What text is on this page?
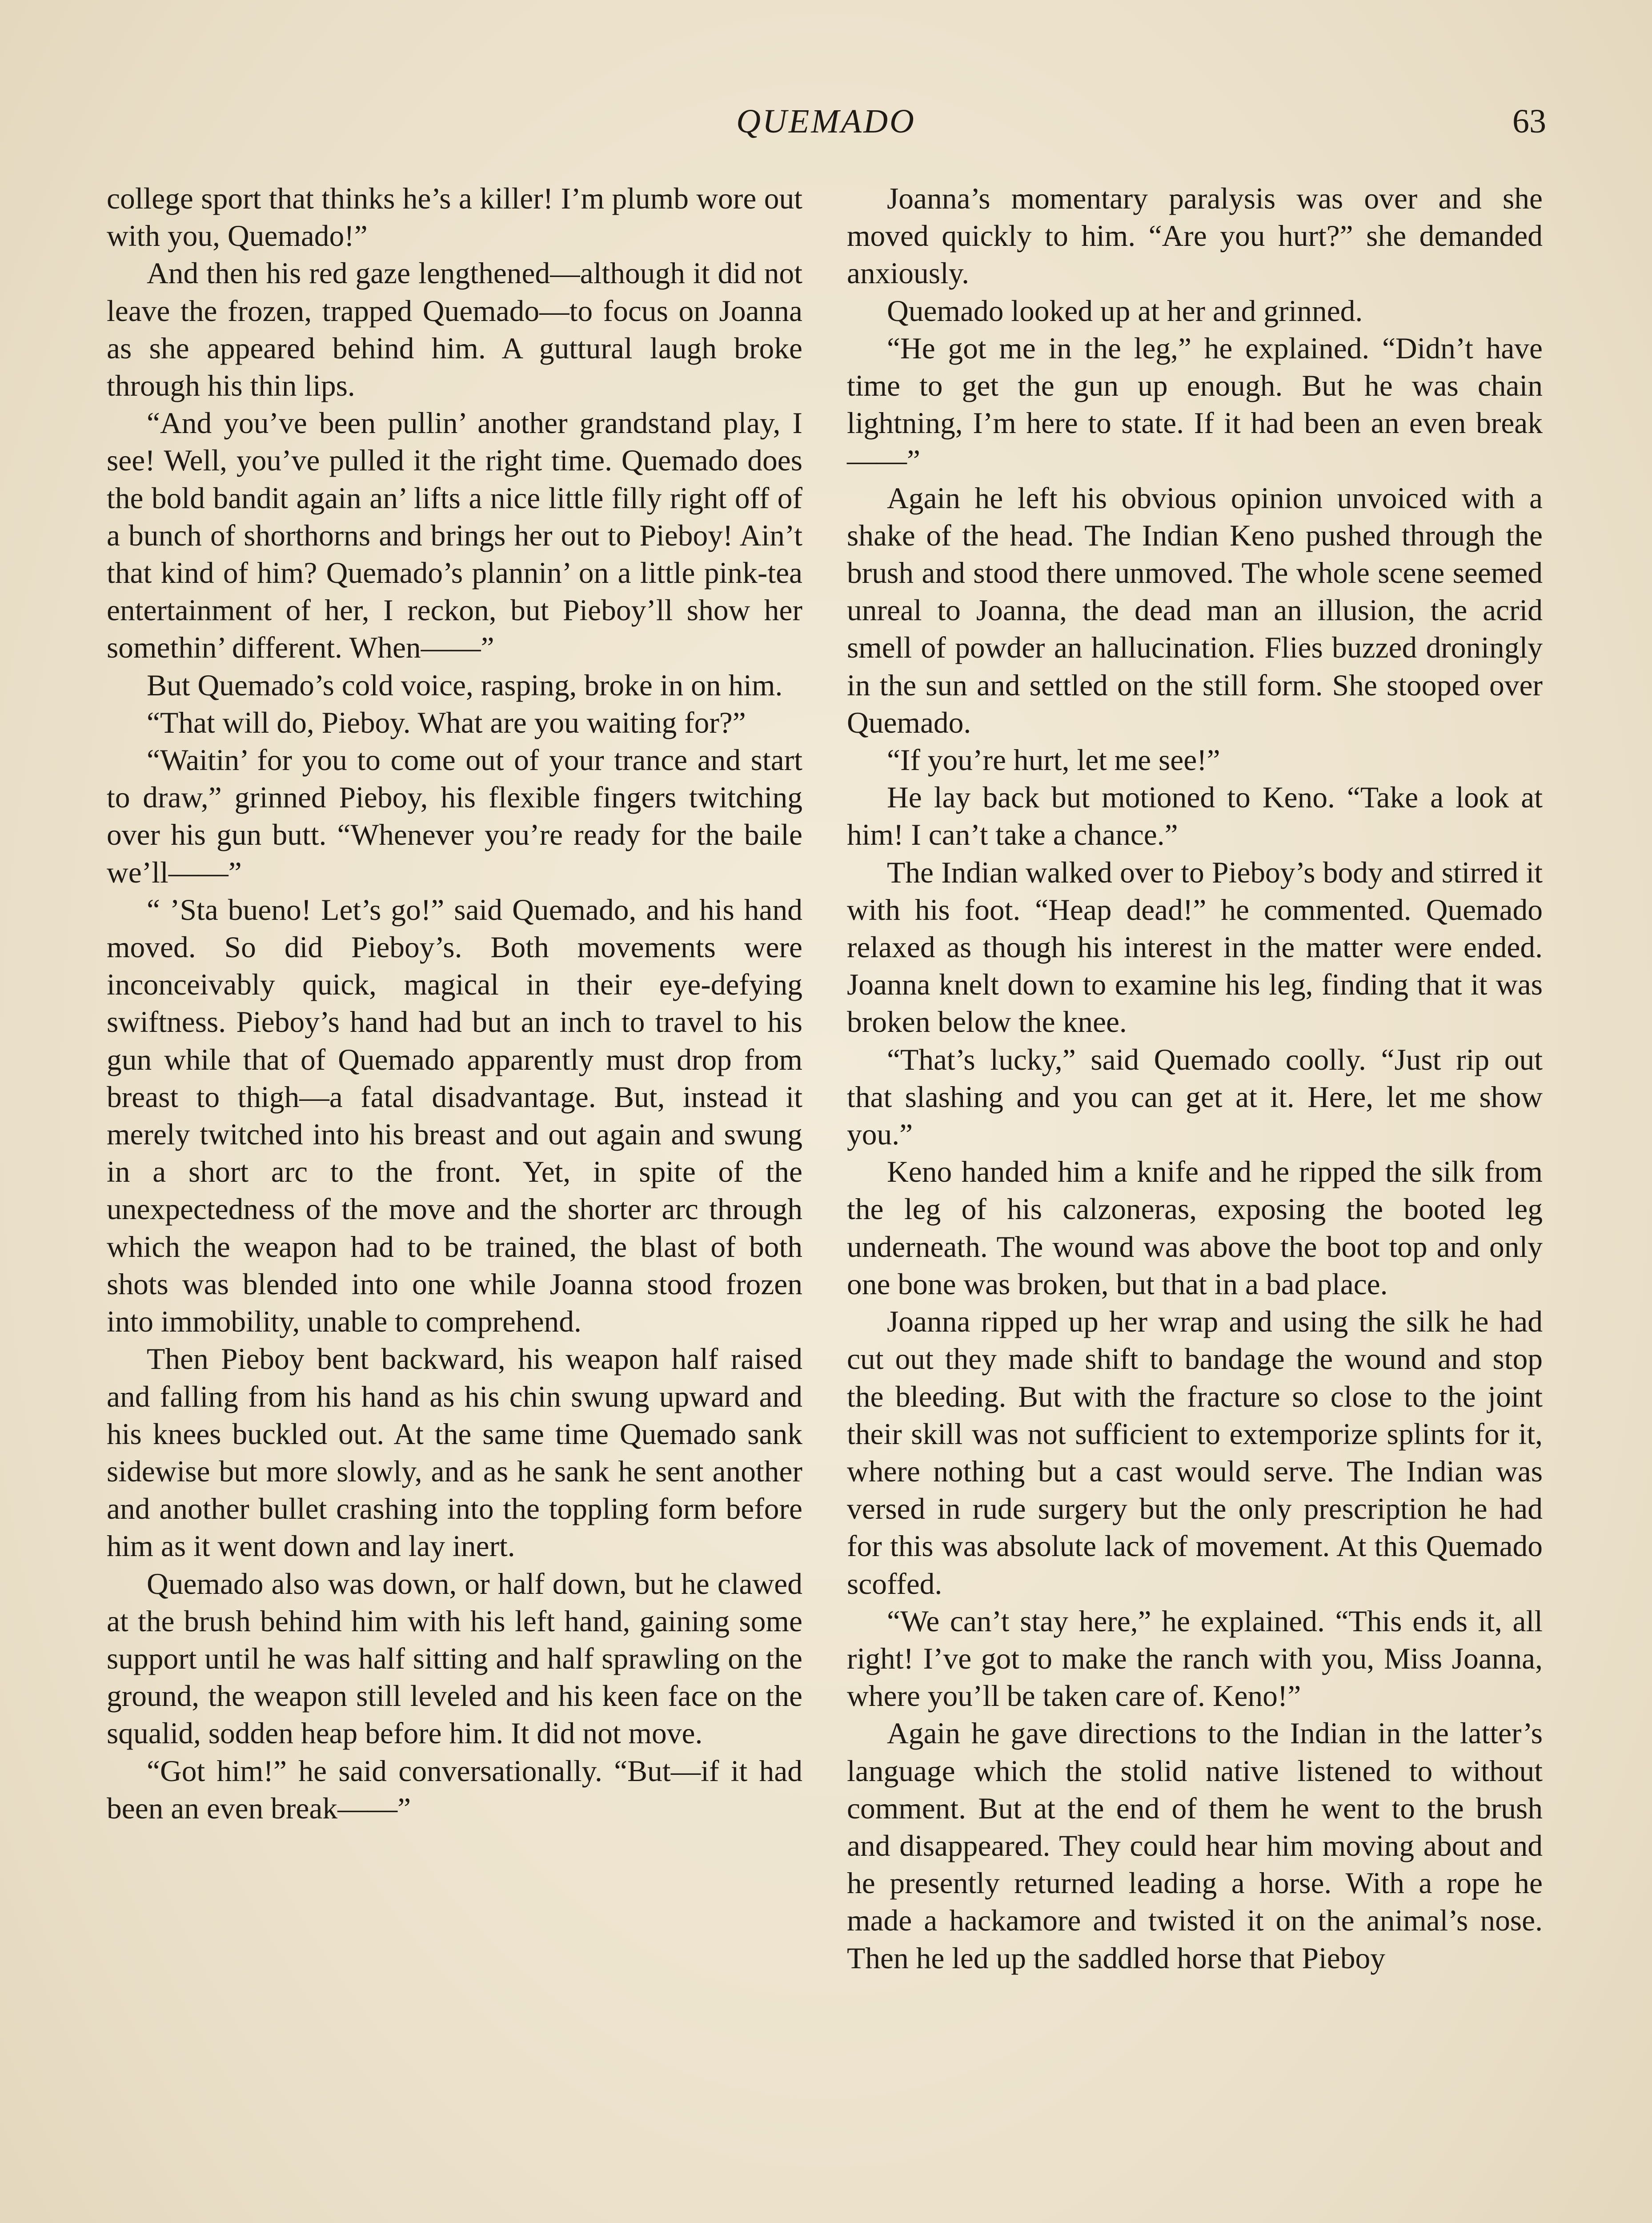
QUEMADO	63

college sport that thinks he’s a killer! I’m plumb wore out with you, Quemado!”

And then his red gaze lengthened—although it did not leave the frozen, trapped Quemado—to focus on Joanna as she appeared behind him. A guttural laugh broke through his thin lips.

“And you’ve been pullin’ another grandstand play, I see! Well, you’ve pulled it the right time. Quemado does the bold bandit again an’ lifts a nice little filly right off of a bunch of shorthorns and brings her out to Pieboy! Ain’t that kind of him? Quemado’s plannin’ on a little pink-tea entertainment of her, I reckon, but Pieboy’ll show her somethin’ different. When——”

But Quemado’s cold voice, rasping, broke in on him.

“That will do, Pieboy. What are you waiting for?”

“Waitin’ for you to come out of your trance and start to draw,” grinned Pieboy, his flexible fingers twitching over his gun butt. “Whenever you’re ready for the baile we’ll——”

“ ’Sta bueno! Let’s go!” said Quemado, and his hand moved. So did Pieboy’s. Both movements were inconceivably quick, magical in their eye-defying swiftness. Pieboy’s hand had but an inch to travel to his gun while that of Quemado apparently must drop from breast to thigh—a fatal disadvantage. But, instead it merely twitched into his breast and out again and swung in a short arc to the front. Yet, in spite of the unexpectedness of the move and the shorter arc through which the weapon had to be trained, the blast of both shots was blended into one while Joanna stood frozen into immobility, unable to comprehend.

Then Pieboy bent backward, his weapon half raised and falling from his hand as his chin swung upward and his knees buckled out. At the same time Quemado sank sidewise but more slowly, and as he sank he sent another and another bullet crashing into the toppling form before him as it went down and lay inert.

Quemado also was down, or half down, but he clawed at the brush behind him with his left hand, gaining some support until he was half sitting and half sprawling on the ground, the weapon still leveled and his keen face on the squalid, sodden heap before him. It did not move.

“Got him!” he said conversationally. “But—if it had been an even break——”

Joanna’s momentary paralysis was over and she moved quickly to him. “Are you hurt?” she demanded anxiously.

Quemado looked up at her and grinned.

“He got me in the leg,” he explained. “Didn’t have time to get the gun up enough. But he was chain lightning, I’m here to state. If it had been an even break——”

Again he left his obvious opinion unvoiced with a shake of the head. The Indian Keno pushed through the brush and stood there unmoved. The whole scene seemed unreal to Joanna, the dead man an illusion, the acrid smell of powder an hallucination. Flies buzzed droningly in the sun and settled on the still form. She stooped over Quemado.

“If you’re hurt, let me see!”

He lay back but motioned to Keno. “Take a look at him! I can’t take a chance.”

The Indian walked over to Pieboy’s body and stirred it with his foot. “Heap dead!” he commented. Quemado relaxed as though his interest in the matter were ended. Joanna knelt down to examine his leg, finding that it was broken below the knee.

“That’s lucky,” said Quemado coolly. “Just rip out that slashing and you can get at it. Here, let me show you.”

Keno handed him a knife and he ripped the silk from the leg of his calzoneras, exposing the booted leg underneath. The wound was above the boot top and only one bone was broken, but that in a bad place.

Joanna ripped up her wrap and using the silk he had cut out they made shift to bandage the wound and stop the bleeding. But with the fracture so close to the joint their skill was not sufficient to extemporize splints for it, where nothing but a cast would serve. The Indian was versed in rude surgery but the only prescription he had for this was absolute lack of movement. At this Quemado scoffed.

“We can’t stay here,” he explained. “This ends it, all right! I’ve got to make the ranch with you, Miss Joanna, where you’ll be taken care of. Keno!”

Again he gave directions to the Indian in the latter’s language which the stolid native listened to without comment. But at the end of them he went to the brush and disappeared. They could hear him moving about and he presently returned leading a horse. With a rope he made a hackamore and twisted it on the animal’s nose. Then he led up the saddled horse that Pieboy
